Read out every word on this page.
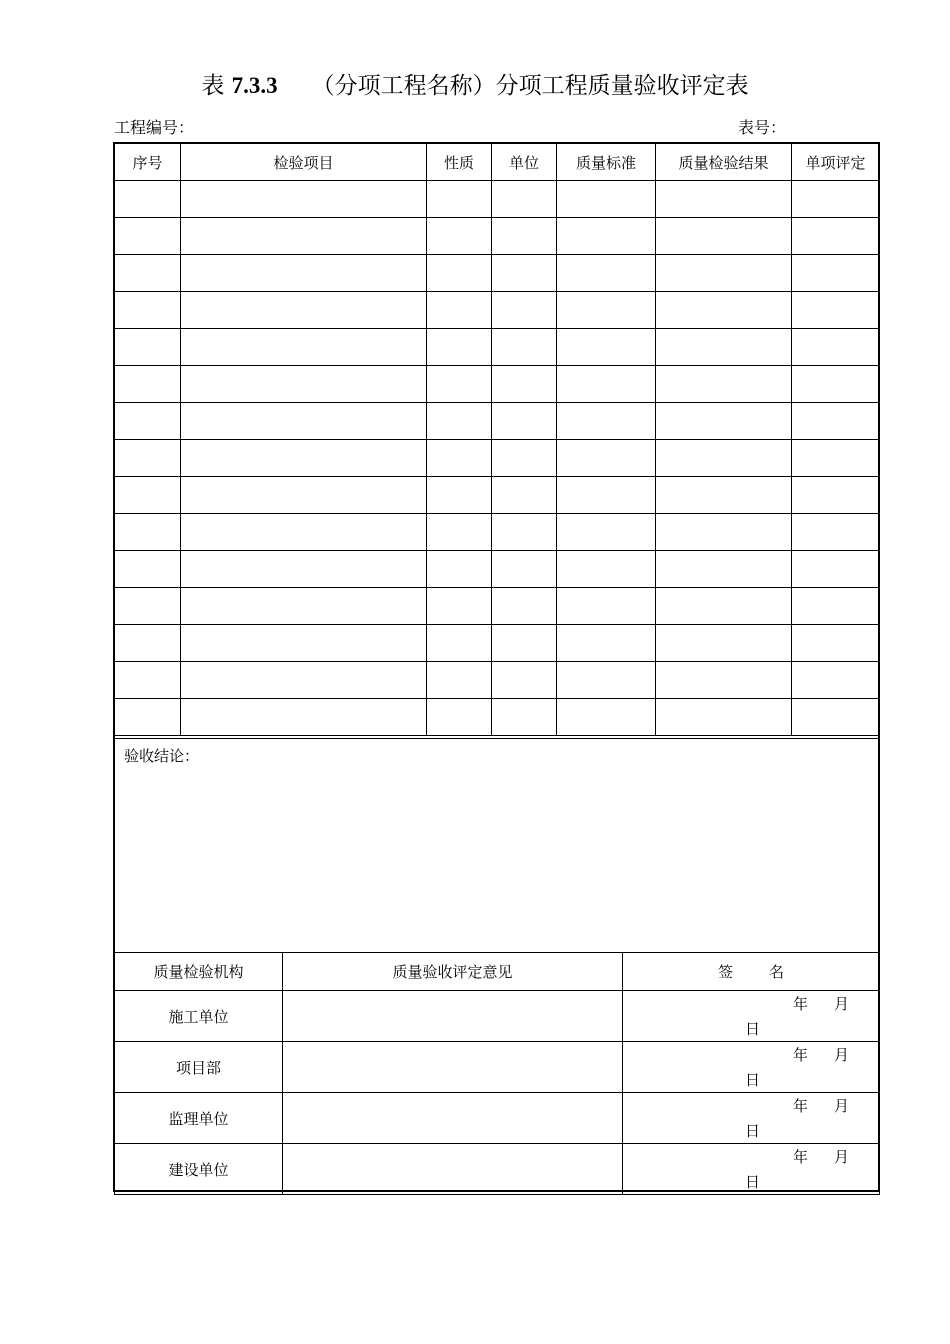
表 7.3.3 （分项工程名称）分项工程质量验收评定表
工程编号：	表号：
序号	检验项目	性质	单位	质量标准	质量检验结果	单项评定

验收结论：
质量检验机构	质量验收评定意见	签 名
施工单位		年 月
日

项目部		年 月
日

监理单位		年 月
日

建设单位		年 月
日
